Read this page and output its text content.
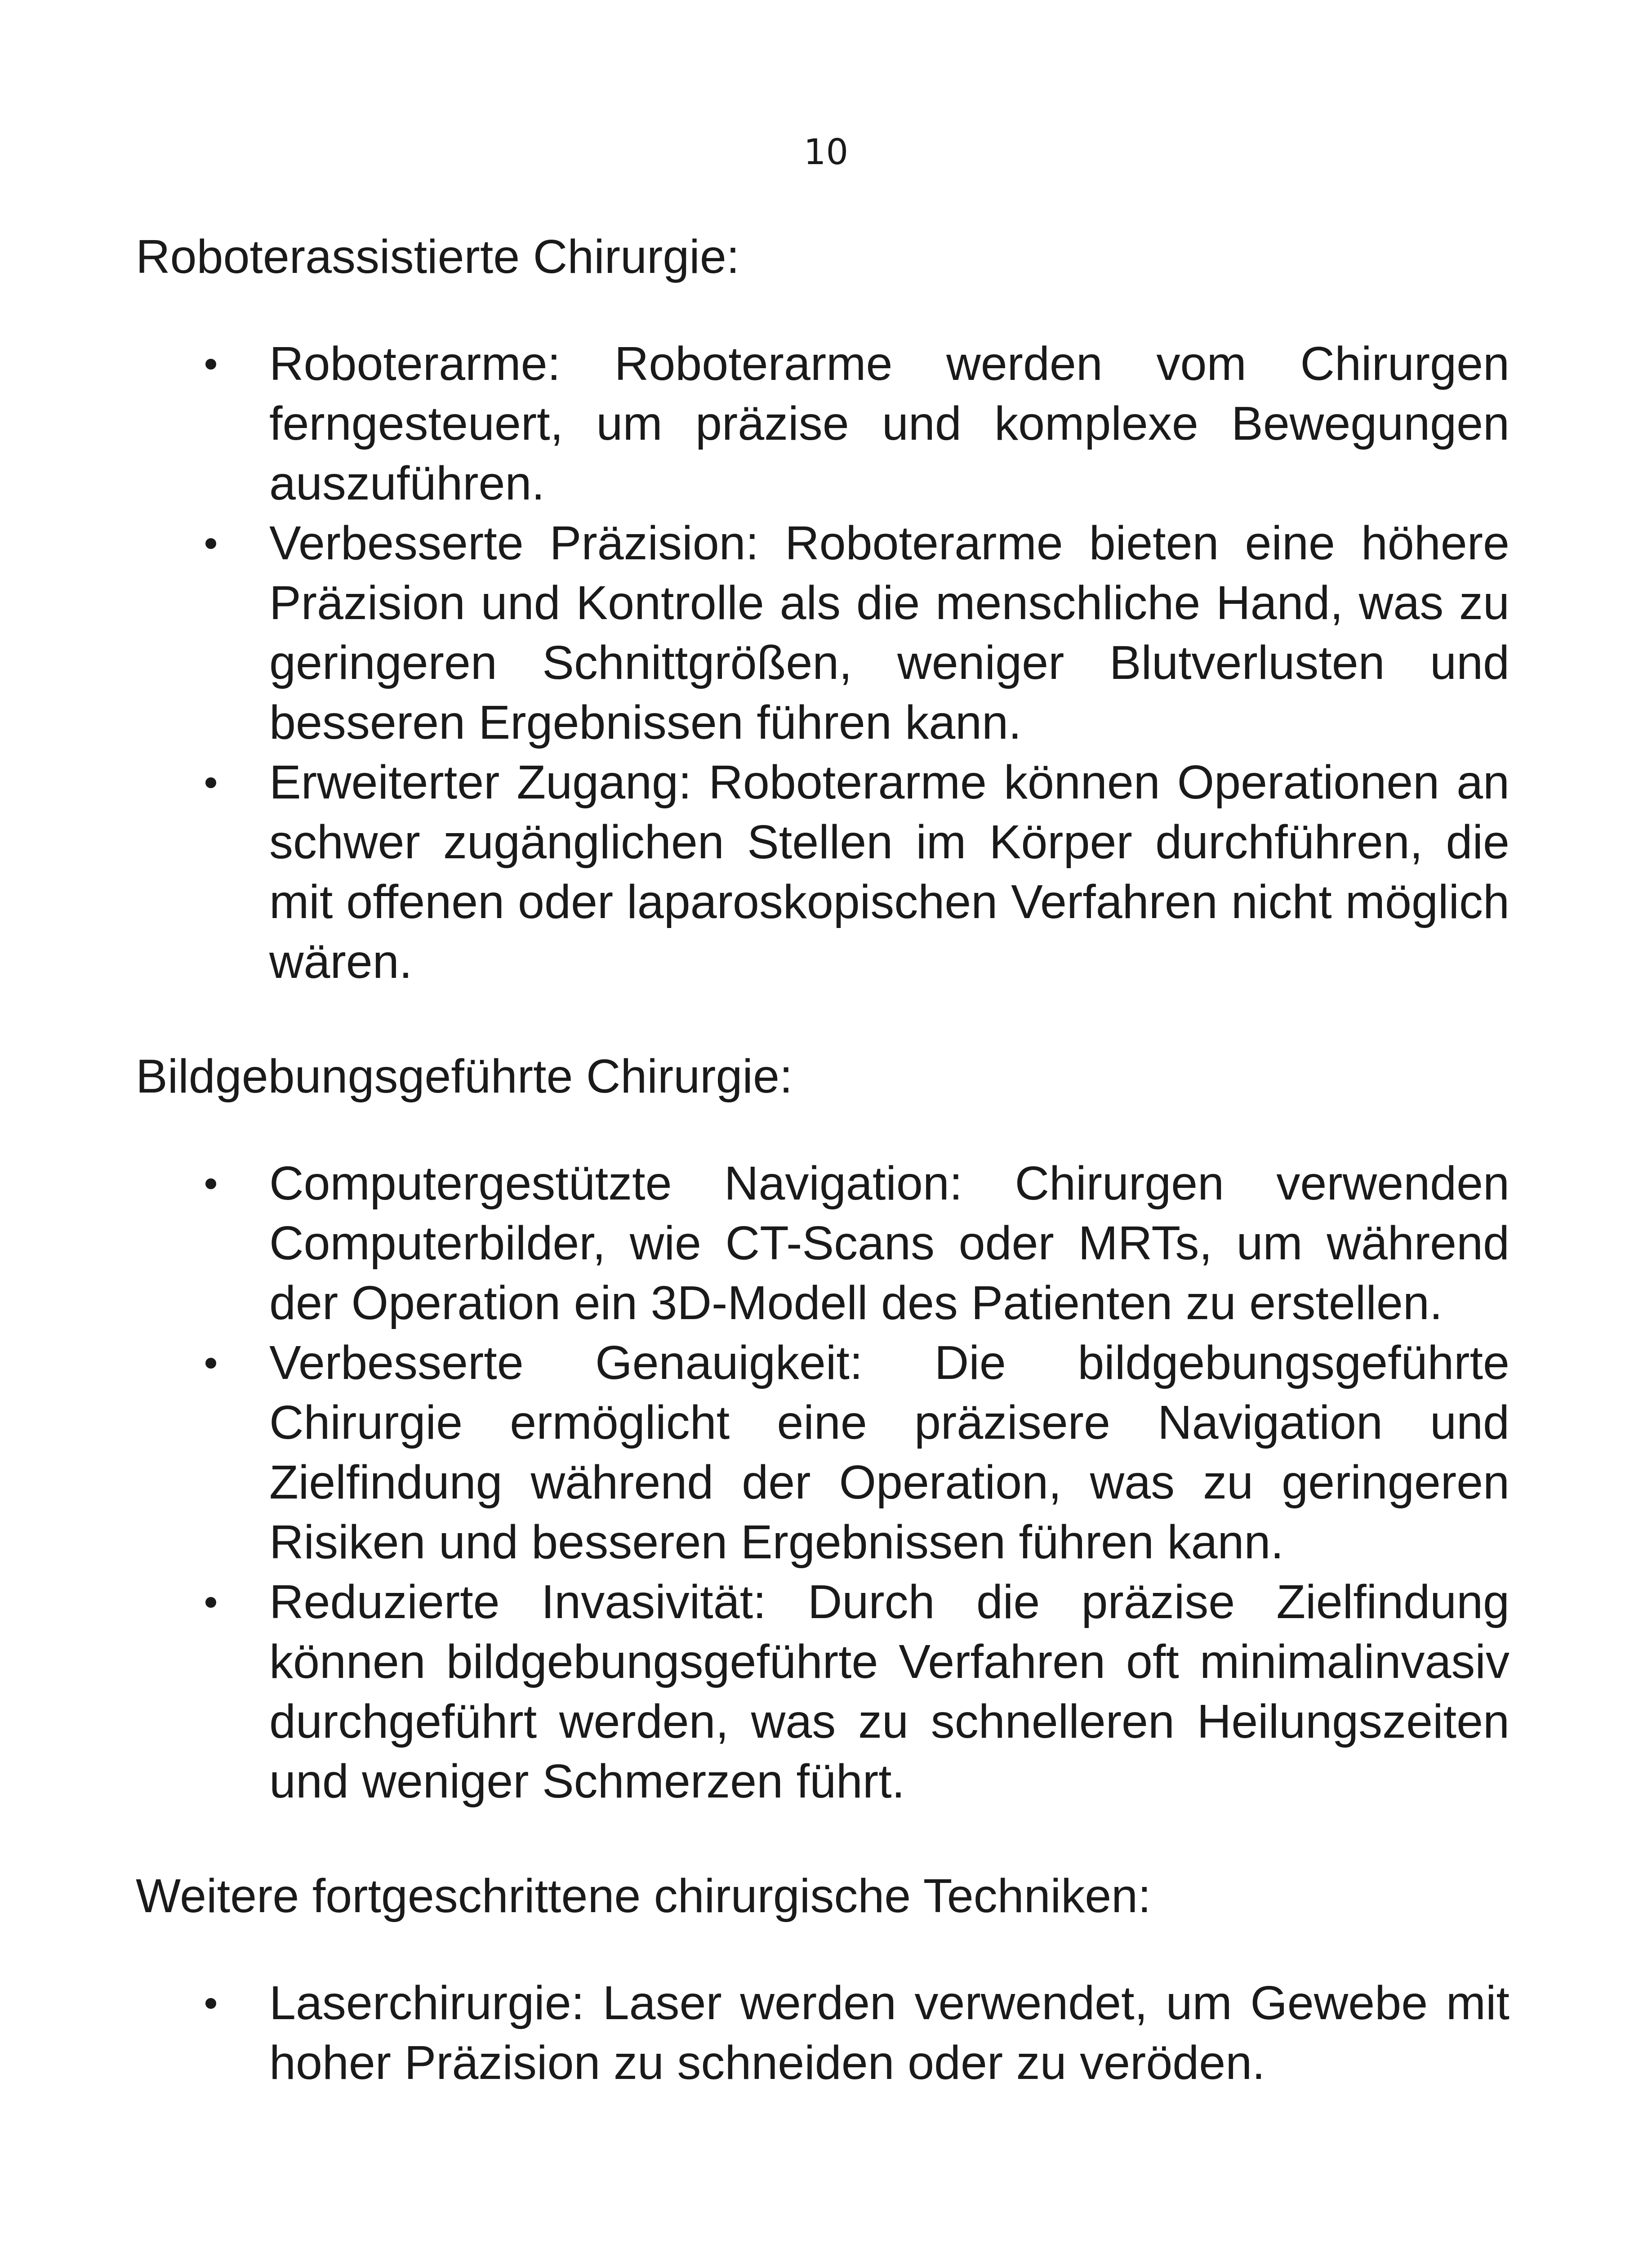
10
Roboterassistierte Chirurgie:
Roboterarme: Roboterarme werden vom Chirurgen ferngesteuert, um präzise und komplexe Bewegungen auszuführen.
Verbesserte Präzision: Roboterarme bieten eine höhere Präzision und Kontrolle als die menschliche Hand, was zu geringeren Schnittgrößen, weniger Blutverlusten und besseren Ergebnissen führen kann.
Erweiterter Zugang: Roboterarme können Operationen an schwer zugänglichen Stellen im Körper durchführen, die mit offenen oder laparoskopischen Verfahren nicht möglich wären.
Bildgebungsgeführte Chirurgie:
Computergestützte Navigation: Chirurgen verwenden Computerbilder, wie CT-Scans oder MRTs, um während der Operation ein 3D-Modell des Patienten zu erstellen.
Verbesserte Genauigkeit: Die bildgebungsgeführte Chirurgie ermöglicht eine präzisere Navigation und Zielfindung während der Operation, was zu geringeren Risiken und besseren Ergebnissen führen kann.
Reduzierte Invasivität: Durch die präzise Zielfindung können bildgebungsgeführte Verfahren oft minimalinvasiv durchgeführt werden, was zu schnelleren Heilungszeiten und weniger Schmerzen führt.
Weitere fortgeschrittene chirurgische Techniken:
Laserchirurgie: Laser werden verwendet, um Gewebe mit hoher Präzision zu schneiden oder zu veröden.
